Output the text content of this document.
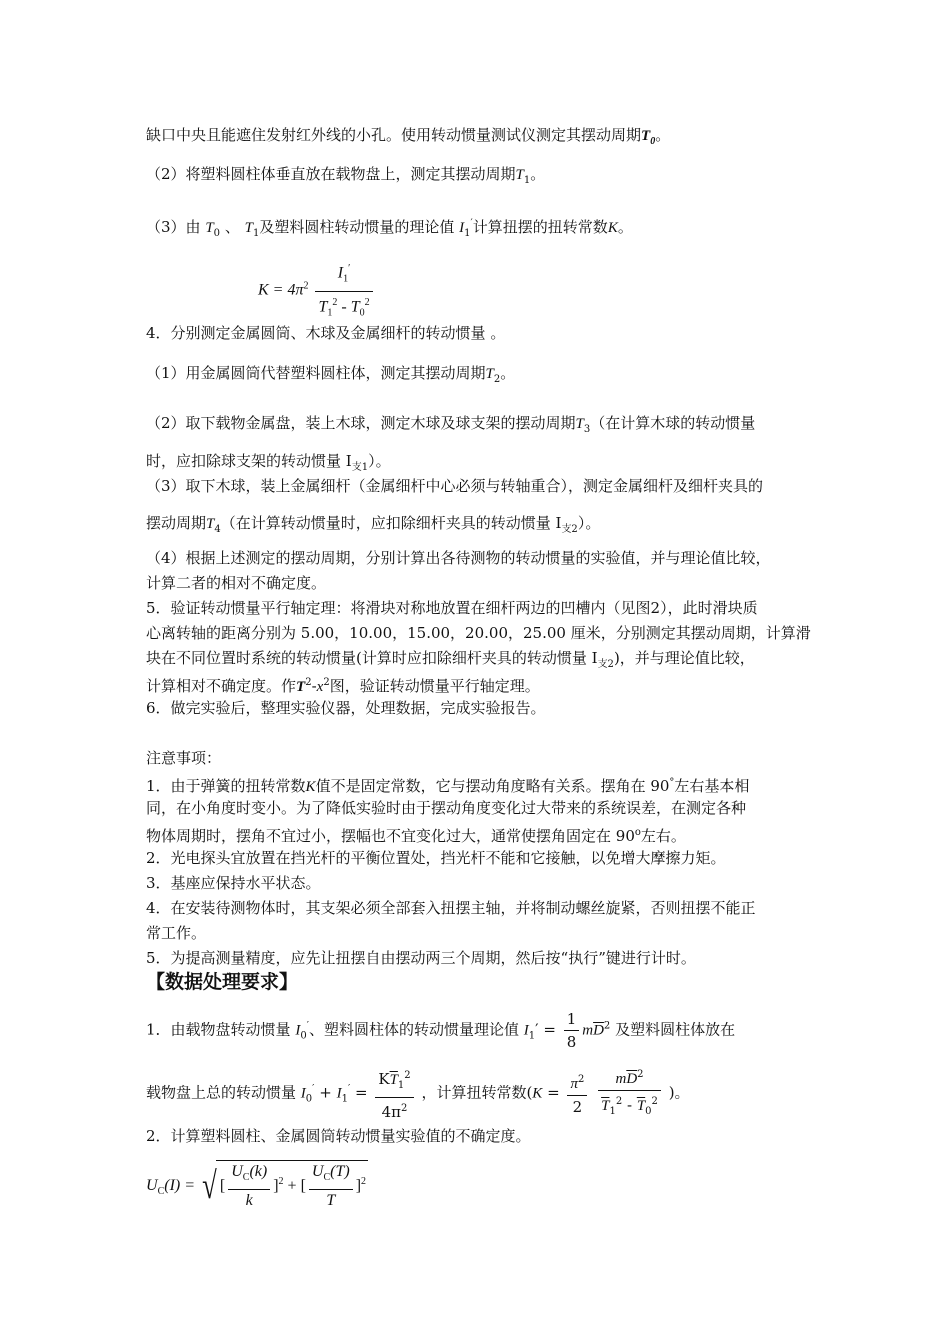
缺口中央且能遮住发射红外线的小孔。使用转动惯量测试仪测定其摆动周期$T_0$。
（2）将塑料圆柱体垂直放在载物盘上，测定其摆动周期$T_1$。
（3）由 $T_0$ 、 $T_1$及塑料圆柱转动惯量的理论值 $I_1'$计算扭摆的扭转常数K。
$K = 4\pi^2 \frac{I_1'}{T_1^2 - T_0^2}$
4．分别测定金属圆筒、木球及金属细杆的转动惯量 。
（1）用金属圆筒代替塑料圆柱体，测定其摆动周期$T_2$。
（2）取下载物金属盘，装上木球，测定木球及球支架的摆动周期$T_3$（在计算木球的转动惯量
时，应扣除球支架的转动惯量 $I_{支1}$）。
（3）取下木球，装上金属细杆（金属细杆中心必须与转轴重合），测定金属细杆及细杆夹具的
摆动周期$T_4$（在计算转动惯量时，应扣除细杆夹具的转动惯量 $I_{支2}$）。
（4）根据上述测定的摆动周期，分别计算出各待测物的转动惯量的实验值，并与理论值比较，
计算二者的相对不确定度。
5．验证转动惯量平行轴定理：将滑块对称地放置在细杆两边的凹槽内（见图2），此时滑块质
心离转轴的距离分别为 5.00，10.00，15.00，20.00，25.00 厘米，分别测定其摆动周期，计算滑
块在不同位置时系统的转动惯量(计算时应扣除细杆夹具的转动惯量 $I_{支2}$)，并与理论值比较，
计算相对不确定度。作$T^2-x^2$图，验证转动惯量平行轴定理。
6．做完实验后，整理实验仪器，处理数据，完成实验报告。
注意事项：
1．由于弹簧的扭转常数K值不是固定常数，它与摆动角度略有关系。摆角在 90°左右基本相
同，在小角度时变小。为了降低实验时由于摆动角度变化过大带来的系统误差，在测定各种
物体周期时，摆角不宜过小，摆幅也不宜变化过大，通常使摆角固定在 90$^o$左右。
2．光电探头宜放置在挡光杆的平衡位置处，挡光杆不能和它接触，以免增大摩擦力矩。
3．基座应保持水平状态。
4．在安装待测物体时，其支架必须全部套入扭摆主轴，并将制动螺丝旋紧，否则扭摆不能正
常工作。
5．为提高测量精度，应先让扭摆自由摆动两三个周期，然后按“执行”键进行计时。
【数据处理要求】
1．由载物盘转动惯量 $I_0'$、塑料圆柱体的转动惯量理论值 $I_1' = \frac{1}{8} m\overline{D}^2$ 及塑料圆柱体放在
载物盘上总的转动惯量 $I_0' + I_1' = \frac{K\overline{T}_1^2}{4\pi^2}$ ，计算扭转常数($K = \frac{\pi^2}{2}$
$\frac{m\overline{D}^2}{\overline{T}_1^2 - \overline{T}_0^2}$ )。
2．计算塑料圆柱、金属圆筒转动惯量实验值的不确定度。
$U_C(I)$ = √ [ $\frac{U_C(k)}{k} ]^2$ + [ $\frac{U_C(T)}{T} ]^2$
